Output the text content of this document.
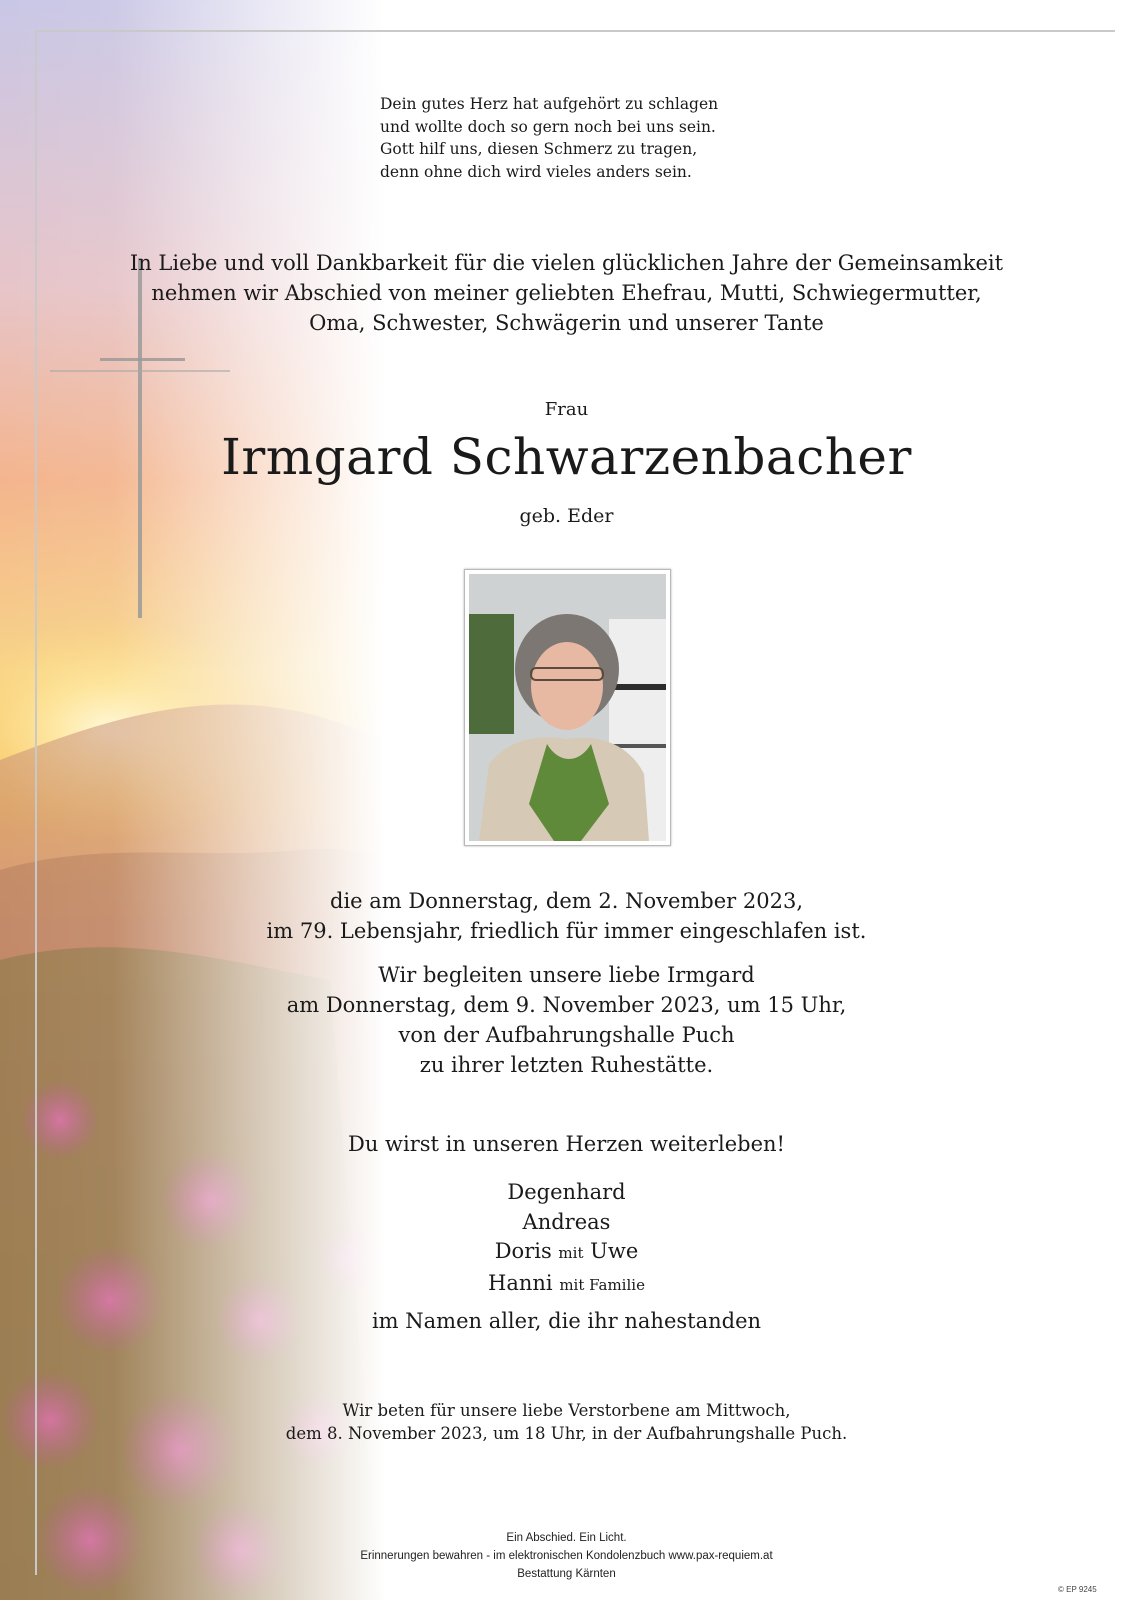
Dein gutes Herz hat aufgehört zu schlagen
und wollte doch so gern noch bei uns sein.
Gott hilf uns, diesen Schmerz zu tragen,
denn ohne dich wird vieles anders sein.
In Liebe und voll Dankbarkeit für die vielen glücklichen Jahre der Gemeinsamkeit
nehmen wir Abschied von meiner geliebten Ehefrau, Mutti, Schwiegermutter,
Oma, Schwester, Schwägerin und unserer Tante
Frau
Irmgard Schwarzenbacher
geb. Eder
die am Donnerstag, dem 2. November 2023,
im 79. Lebensjahr, friedlich für immer eingeschlafen ist.
Wir begleiten unsere liebe Irmgard
am Donnerstag, dem 9. November 2023, um 15 Uhr,
von der Aufbahrungshalle Puch
zu ihrer letzten Ruhestätte.
Du wirst in unseren Herzen weiterleben!
Degenhard
Andreas
Doris mit Uwe
Hanni mit Familie
im Namen aller, die ihr nahestanden
Wir beten für unsere liebe Verstorbene am Mittwoch,
dem 8. November 2023, um 18 Uhr, in der Aufbahrungshalle Puch.
Ein Abschied. Ein Licht.
Erinnerungen bewahren - im elektronischen Kondolenzbuch www.pax-requiem.at
Bestattung Kärnten
© EP 9245
